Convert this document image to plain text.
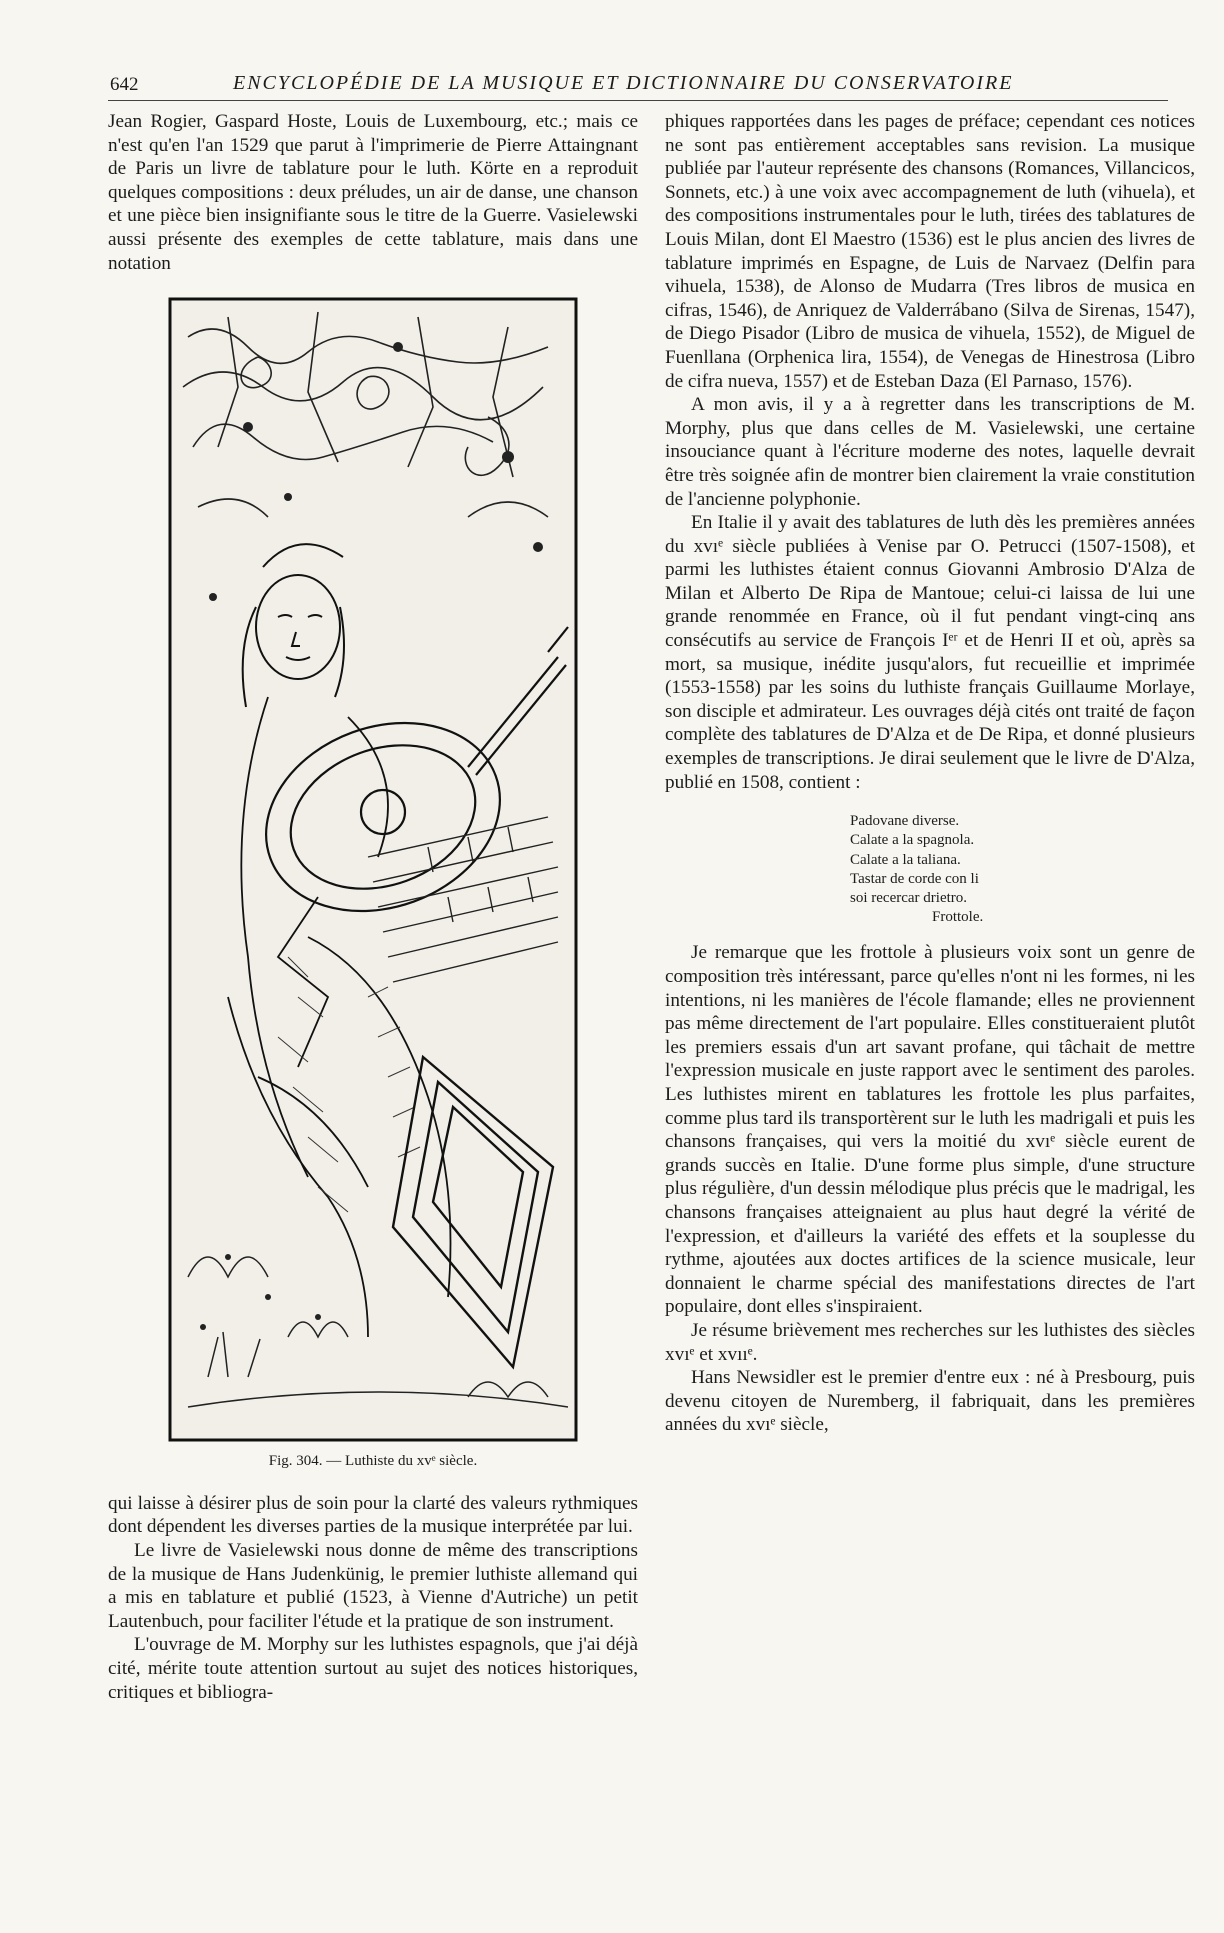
642	ENCYCLOPÉDIE DE LA MUSIQUE ET DICTIONNAIRE DU CONSERVATOIRE

Jean Rogier, Gaspard Hoste, Louis de Luxembourg, etc.; mais ce n'est qu'en l'an 1529 que parut à l'imprimerie de Pierre Attaingnant de Paris un livre de tablature pour le luth. Körte en a reproduit quelques compositions : deux préludes, un air de danse, une chanson et une pièce bien insignifiante sous le titre de la Guerre. Vasielewski aussi présente des exemples de cette tablature, mais dans une notation

Fig. 304. — Luthiste du xvᵉ siècle.

qui laisse à désirer plus de soin pour la clarté des valeurs rythmiques dont dépendent les diverses parties de la musique interprétée par lui.

Le livre de Vasielewski nous donne de même des transcriptions de la musique de Hans Judenkünig, le premier luthiste allemand qui a mis en tablature et publié (1523, à Vienne d'Autriche) un petit Lautenbuch, pour faciliter l'étude et la pratique de son instrument.

L'ouvrage de M. Morphy sur les luthistes espagnols, que j'ai déjà cité, mérite toute attention surtout au sujet des notices historiques, critiques et bibliogra-

phiques rapportées dans les pages de préface; cependant ces notices ne sont pas entièrement acceptables sans revision. La musique publiée par l'auteur représente des chansons (Romances, Villancicos, Sonnets, etc.) à une voix avec accompagnement de luth (vihuela), et des compositions instrumentales pour le luth, tirées des tablatures de Louis Milan, dont El Maestro (1536) est le plus ancien des livres de tablature imprimés en Espagne, de Luis de Narvaez (Delfin para vihuela, 1538), de Alonso de Mudarra (Tres libros de musica en cifras, 1546), de Anriquez de Valderrábano (Silva de Sirenas, 1547), de Diego Pisador (Libro de musica de vihuela, 1552), de Miguel de Fuenllana (Orphenica lira, 1554), de Venegas de Hinestrosa (Libro de cifra nueva, 1557) et de Esteban Daza (El Parnaso, 1576).

A mon avis, il y a à regretter dans les transcriptions de M. Morphy, plus que dans celles de M. Vasielewski, une certaine insouciance quant à l'écriture moderne des notes, laquelle devrait être très soignée afin de montrer bien clairement la vraie constitution de l'ancienne polyphonie.

En Italie il y avait des tablatures de luth dès les premières années du xvıᵉ siècle publiées à Venise par O. Petrucci (1507-1508), et parmi les luthistes étaient connus Giovanni Ambrosio D'Alza de Milan et Alberto De Ripa de Mantoue; celui-ci laissa de lui une grande renommée en France, où il fut pendant vingt-cinq ans consécutifs au service de François Iᵉʳ et de Henri II et où, après sa mort, sa musique, inédite jusqu'alors, fut recueillie et imprimée (1553-1558) par les soins du luthiste français Guillaume Morlaye, son disciple et admirateur. Les ouvrages déjà cités ont traité de façon complète des tablatures de D'Alza et de De Ripa, et donné plusieurs exemples de transcriptions. Je dirai seulement que le livre de D'Alza, publié en 1508, contient :

Padovane diverse.
Calate a la spagnola.
Calate a la taliana.
Tastar de corde con li
soi recercar drietro.
Frottole.

Je remarque que les frottole à plusieurs voix sont un genre de composition très intéressant, parce qu'elles n'ont ni les formes, ni les intentions, ni les manières de l'école flamande; elles ne proviennent pas même directement de l'art populaire. Elles constitueraient plutôt les premiers essais d'un art savant profane, qui tâchait de mettre l'expression musicale en juste rapport avec le sentiment des paroles. Les luthistes mirent en tablatures les frottole les plus parfaites, comme plus tard ils transportèrent sur le luth les madrigali et puis les chansons françaises, qui vers la moitié du xvıᵉ siècle eurent de grands succès en Italie. D'une forme plus simple, d'une structure plus régulière, d'un dessin mélodique plus précis que le madrigal, les chansons françaises atteignaient au plus haut degré la vérité de l'expression, et d'ailleurs la variété des effets et la souplesse du rythme, ajoutées aux doctes artifices de la science musicale, leur donnaient le charme spécial des manifestations directes de l'art populaire, dont elles s'inspiraient.

Je résume brièvement mes recherches sur les luthistes des siècles xvıᵉ et xvııᵉ.

Hans Newsidler est le premier d'entre eux : né à Presbourg, puis devenu citoyen de Nuremberg, il fabriquait, dans les premières années du xvıᵉ siècle,
